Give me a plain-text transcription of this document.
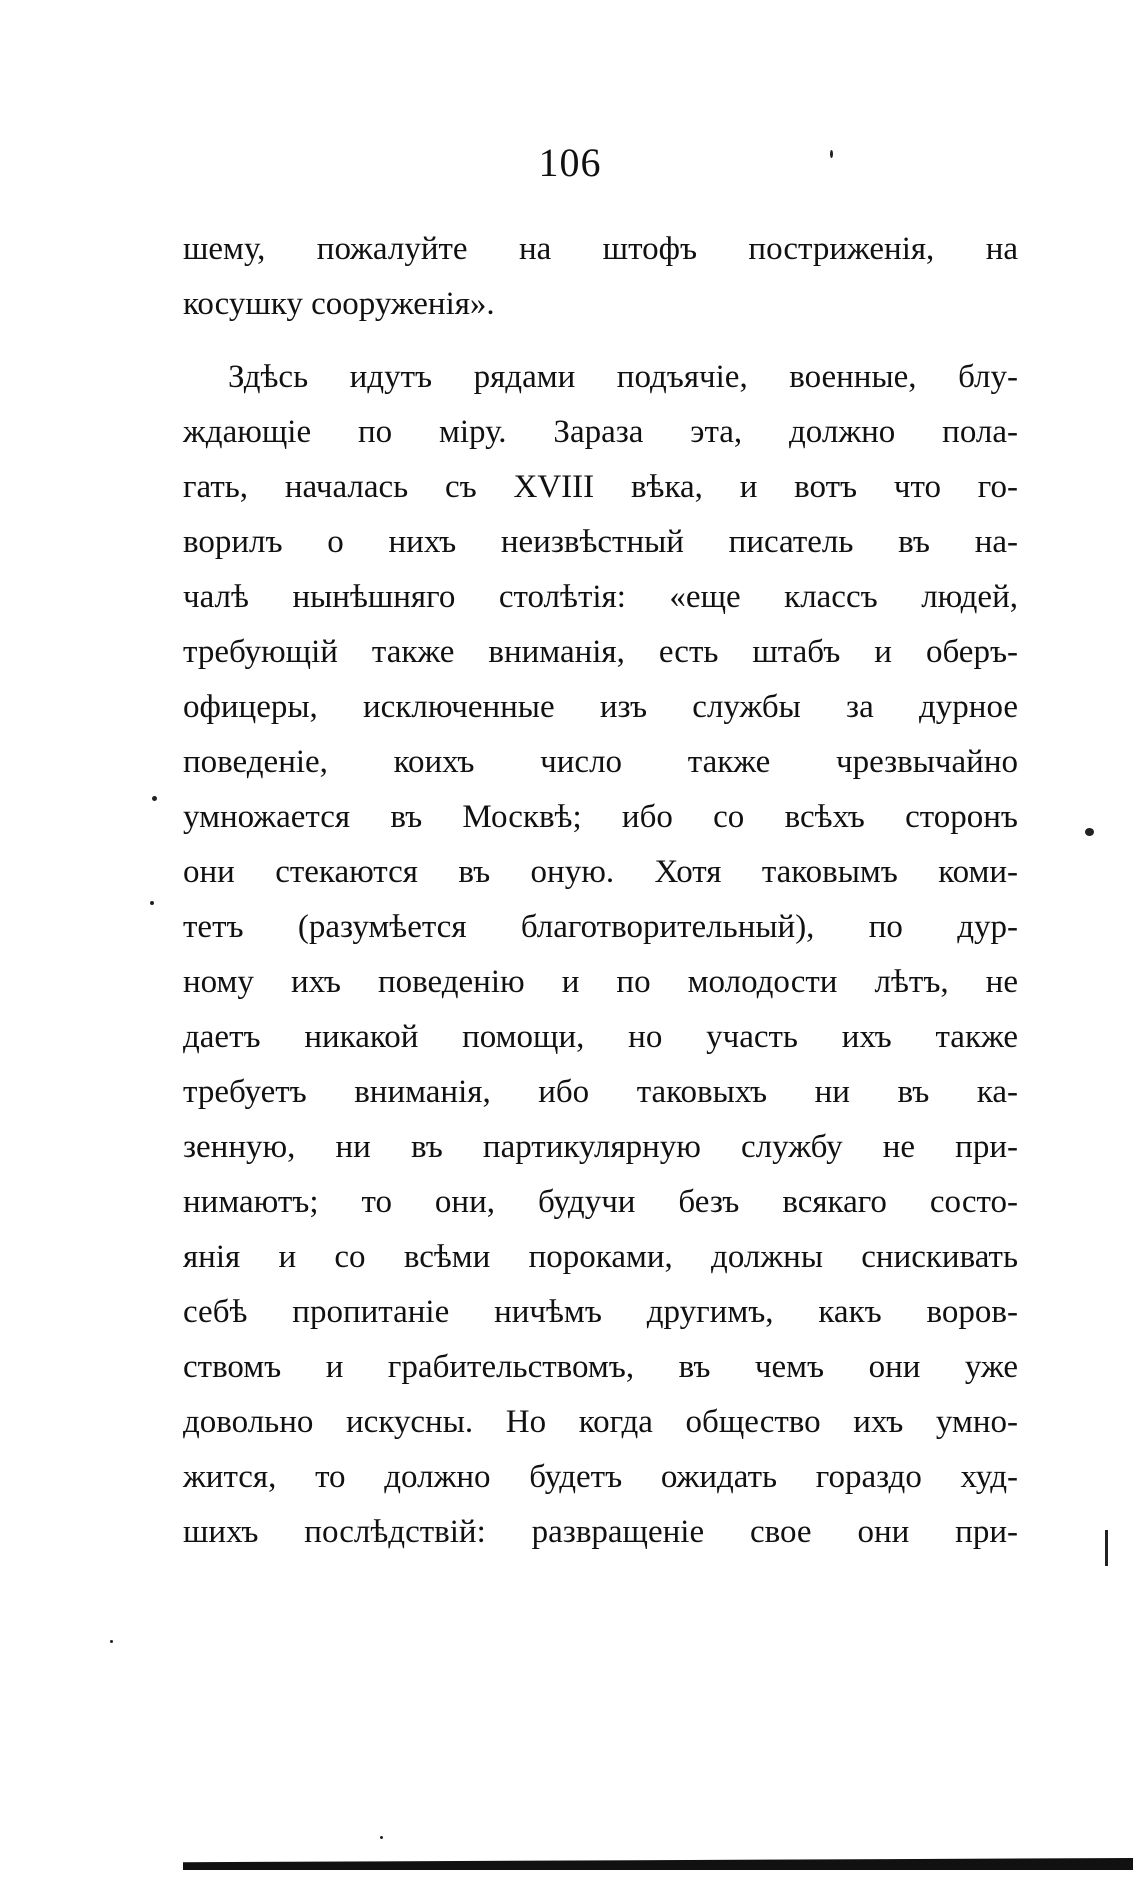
106
шему, пожалуйте на штофъ постриженія, на
косушку сооруженія».
Здѣсь идутъ рядами подъячіе, военные, блу-
ждающіе по міру. Зараза эта, должно пола-
гать, началась съ XVIII вѣка, и вотъ что го-
ворилъ о нихъ неизвѣстный писатель въ на-
чалѣ нынѣшняго столѣтія: «еще классъ людей,
требующій также вниманія, есть штабъ и оберъ-
офицеры, исключенные изъ службы за дурное
поведеніе, коихъ число также чрезвычайно
умножается въ Москвѣ; ибо со всѣхъ сторонъ
они стекаются въ оную. Хотя таковымъ коми-
тетъ (разумѣется благотворительный), по дур-
ному ихъ поведенію и по молодости лѣтъ, не
даетъ никакой помощи, но участь ихъ также
требуетъ вниманія, ибо таковыхъ ни въ ка-
зенную, ни въ партикулярную службу не при-
нимаютъ; то они, будучи безъ всякаго состо-
янія и со всѣми пороками, должны снискивать
себѣ пропитаніе ничѣмъ другимъ, какъ воров-
ствомъ и грабительствомъ, въ чемъ они уже
довольно искусны. Но когда общество ихъ умно-
жится, то должно будетъ ожидать гораздо худ-
шихъ послѣдствій: развращеніе свое они при-
